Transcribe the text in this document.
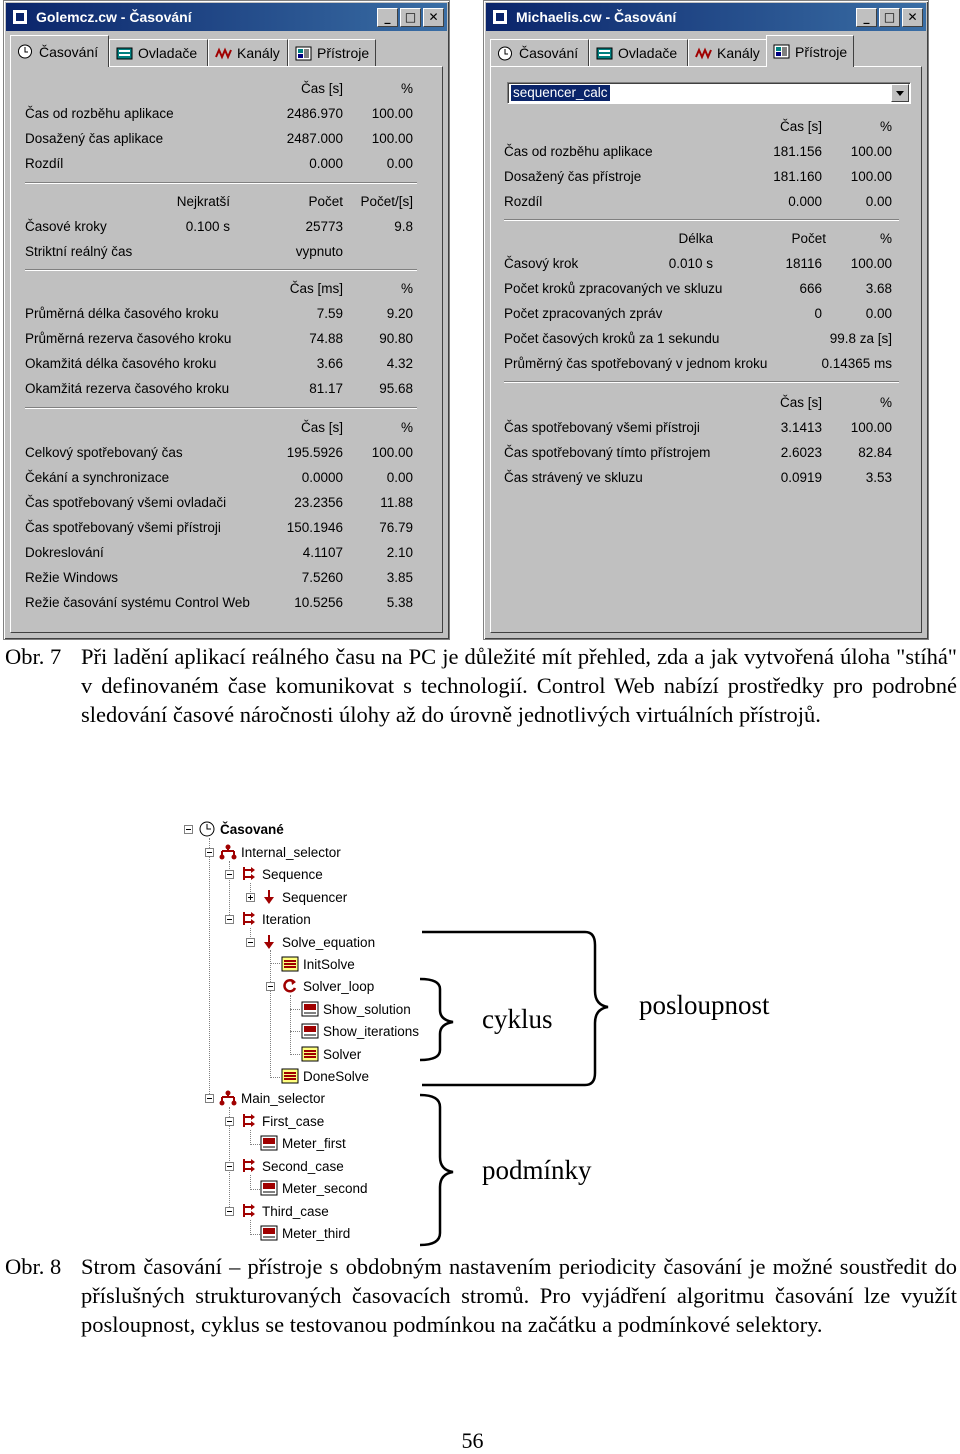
Golemcz.cw - Časování	_	□	✕
Časování	Ovladače	Kanály	Přístroje
Čas [s]	%
Čas od rozběhu aplikace	2486.970 100.00
Dosažený čas aplikace	2487.000 100.00
Rozdíl	0.000	0.00
Nejkratší	Počet Počet/[s]
Časové kroky	0.100 s	25773	9.8
Striktní reálný čas	vypnuto
Čas [ms]	%
Průměrná délka časového kroku	7.59	9.20
Průměrná rezerva časového kroku	74.88	90.80
Okamžitá délka časového kroku	3.66	4.32
Okamžitá rezerva časového kroku	81.17	95.68
Čas [s]	%
Celkový spotřebovaný čas	195.5926 100.00
Čekání a synchronizace	0.0000	0.00
Čas spotřebovaný všemi ovladači	23.2356	11.88
Čas spotřebovaný všemi přístroji	150.1946	76.79
Dokreslování	4.1107	2.10
Režie Windows	7.5260	3.85
Režie časování systému Control Web	10.5256	5.38
Michaelis.cw - Časování	_	□	✕
Časování	Ovladače	Kanály	Přístroje
sequencer_calc
Čas [s]	%
Čas od rozběhu aplikace	181.156 100.00
Dosažený čas přístroje	181.160 100.00
Rozdíl	0.000	0.00
Délka	Počet	%
Časový krok	0.010 s	18116 100.00
Počet kroků zpracovaných ve skluzu	666	3.68
Počet zpracovaných zpráv	0	0.00
Počet časových kroků za 1 sekundu	99.8 za [s]
Průměrný čas spotřebovaný v jednom kroku	0.14365 ms
Čas [s]	%
Čas spotřebovaný všemi přístroji	3.1413 100.00
Čas spotřebovaný tímto přístrojem	2.6023	82.84
Čas strávený ve skluzu	0.0919	3.53
Obr. 7 Při ladění aplikací reálného času na PC je důležité mít přehled, zda a jak vytvořená úloha "stíhá" v definovaném čase komunikovat s technologií. Control Web nabízí prostředky pro podrobné sledování časové náročnosti úlohy až do úrovně jednotlivých virtuálních přístrojů.
Časované
Internal_selector
Sequence
Sequencer
Iteration
Solve_equation
InitSolve
Solver_loop
Show_solution
Show_iterations
Solver
DoneSolve
Main_selector
First_case
Meter_first
Second_case
Meter_second
Third_case
Meter_third
cyklus	posloupnost
podmínky
Obr. 8 Strom časování – přístroje s obdobným nastavením periodicity časování je možné soustředit do příslušných strukturovaných časovacích stromů. Pro vyjádření algoritmu časování lze využít posloupnost, cyklus se testovanou podmínkou na začátku a podmínkové selektory.
56
